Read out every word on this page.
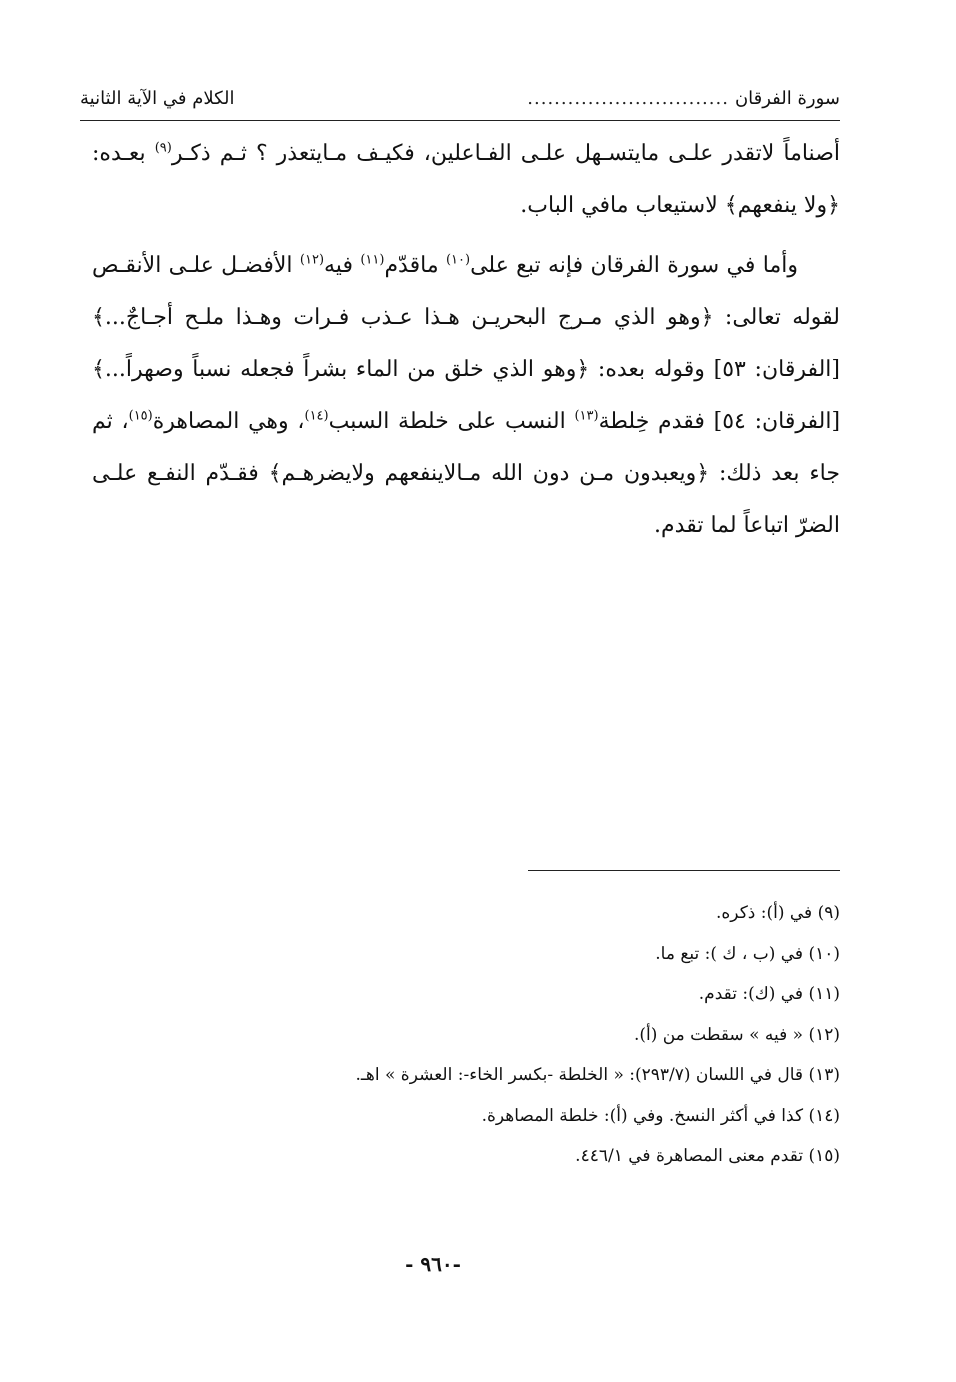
سورة الفرقان
..............................
الكلام في الآية الثانية

أصناماً لاتقدر علـى مايتسـهل علـى الفـاعلين، فكيـف مـايتعذر ؟ ثـم ذكـر$^{(٩)}$ بعـده: ﴿ولا ينفعهم﴾ لاستيعاب مافي الباب.

وأما في سورة الفرقان فإنه تبع على$^{(١٠)}$ ماقدّم$^{(١١)}$ فيه$^{(١٢)}$ الأفضـل علـى الأنقـص لقوله تعالى: ﴿وهو الذي مـرج البحريـن هـذا عـذب فـرات وهـذا ملـح أجـاجٌ...﴾ [الفرقان: ٥٣] وقوله بعده: ﴿وهو الذي خلق من الماء بشراً فجعله نسباً وصهراً...﴾ [الفرقان: ٥٤] فقدم خِلطة$^{(١٣)}$ النسب على خلطة السبب$^{(١٤)}$، وهي المصاهرة$^{(١٥)}$، ثم جاء بعد ذلك: ﴿ويعبدون مـن دون الله مـالاينفعهم ولايضرهـم﴾ فقـدّم النفـع علـى الضرّ اتباعاً لما تقدم.

(٩) في (أ): ذكره.
(١٠) في (ب ، ك ): تبع ما.
(١١) في (ك): تقدم.
(١٢) « فيه » سقطت من (أ).
(١٣) قال في اللسان (٢٩٣/٧): « الخلطة -بكسر الخاء-: العشرة » اهـ.
(١٤) كذا في أكثر النسخ. وفي (أ): خلطة المصاهرة.
(١٥) تقدم معنى المصاهرة في ٤٤٦/١.
-٩٦٠ -
